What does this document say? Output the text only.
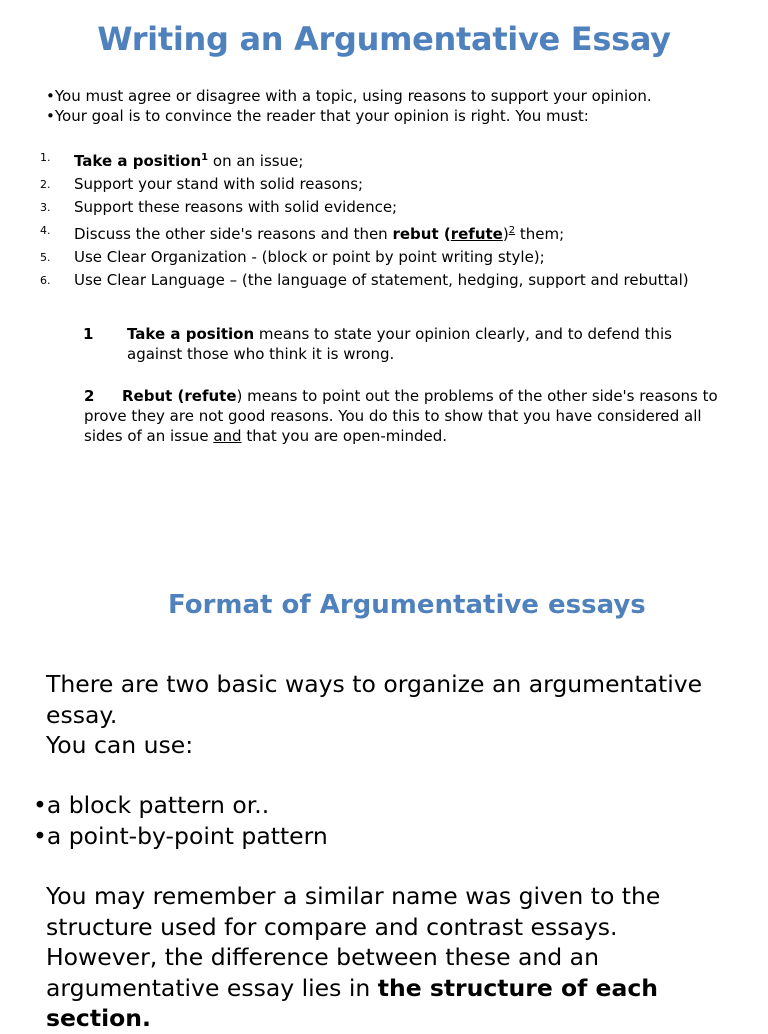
Writing an Argumentative Essay
•You must agree or disagree with a topic, using reasons to support your opinion.
•Your goal is to convince the reader that your opinion is right. You must:
1.	Take a position$^1$ on an issue;
2.	Support your stand with solid reasons;
3.	Support these reasons with solid evidence;
4.	Discuss the other side's reasons and then rebut (refute)$^2$ them;
5.	Use Clear Organization - (block or point by point writing style);
6.	Use Clear Language – (the language of statement, hedging, support and rebuttal)
1 Take a position means to state your opinion clearly, and to defend this
against those who think it is wrong.
2 Rebut (refute) means to point out the problems of the other side's reasons to prove they are not good reasons. You do this to show that you have considered all sides of an issue and that you are open-minded.
Format of Argumentative essays
There are two basic ways to organize an argumentative essay.
You can use:
•a block pattern or..
•a point-by-point pattern
You may remember a similar name was given to the structure used for compare and contrast essays. However, the difference between these and an argumentative essay lies in the structure of each section.
